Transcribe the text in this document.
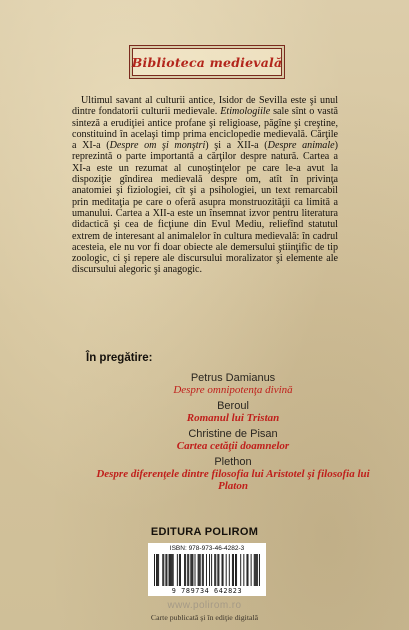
Biblioteca medievală

Ultimul savant al culturii antice, Isidor de Sevilla este şi unul dintre fondatorii culturii medievale. Etimologiile sale sînt o vastă sinteză a erudiţiei antice profane şi religioase, păgîne şi creştine, constituind în acelaşi timp prima enciclopedie medievală. Cărţile a XI-a (Despre om şi monştri) şi a XII-a (Despre animale) reprezintă o parte importantă a cărţilor despre natură. Cartea a XI-a este un rezumat al cunoştinţelor pe care le-a avut la dispoziţie gîndirea medievală despre om, atît în privinţa anatomiei şi fiziologiei, cît şi a psihologiei, un text remarcabil prin meditaţia pe care o oferă asupra monstruozităţii ca limită a umanului. Cartea a XII-a este un însemnat izvor pentru literatura didactică şi cea de ficţiune din Evul Mediu, reliefînd statutul extrem de interesant al animalelor în cultura medievală: în cadrul acesteia, ele nu vor fi doar obiecte ale demersului ştiinţific de tip zoologic, ci şi repere ale discursului moralizator şi elemente ale discursului alegoric şi anagogic.

În pregătire:
Petrus Damianus
Despre omnipotenţa divină
Beroul
Romanul lui Tristan
Christine de Pisan
Cartea cetăţii doamnelor
Plethon
Despre diferenţele dintre filosofia lui Aristotel şi filosofia lui Platon
EDITURA POLIROM
ISBN: 978-973-46-4282-3
9 789734 642823
www.polirom.ro
Carte publicată şi în ediţie digitală
